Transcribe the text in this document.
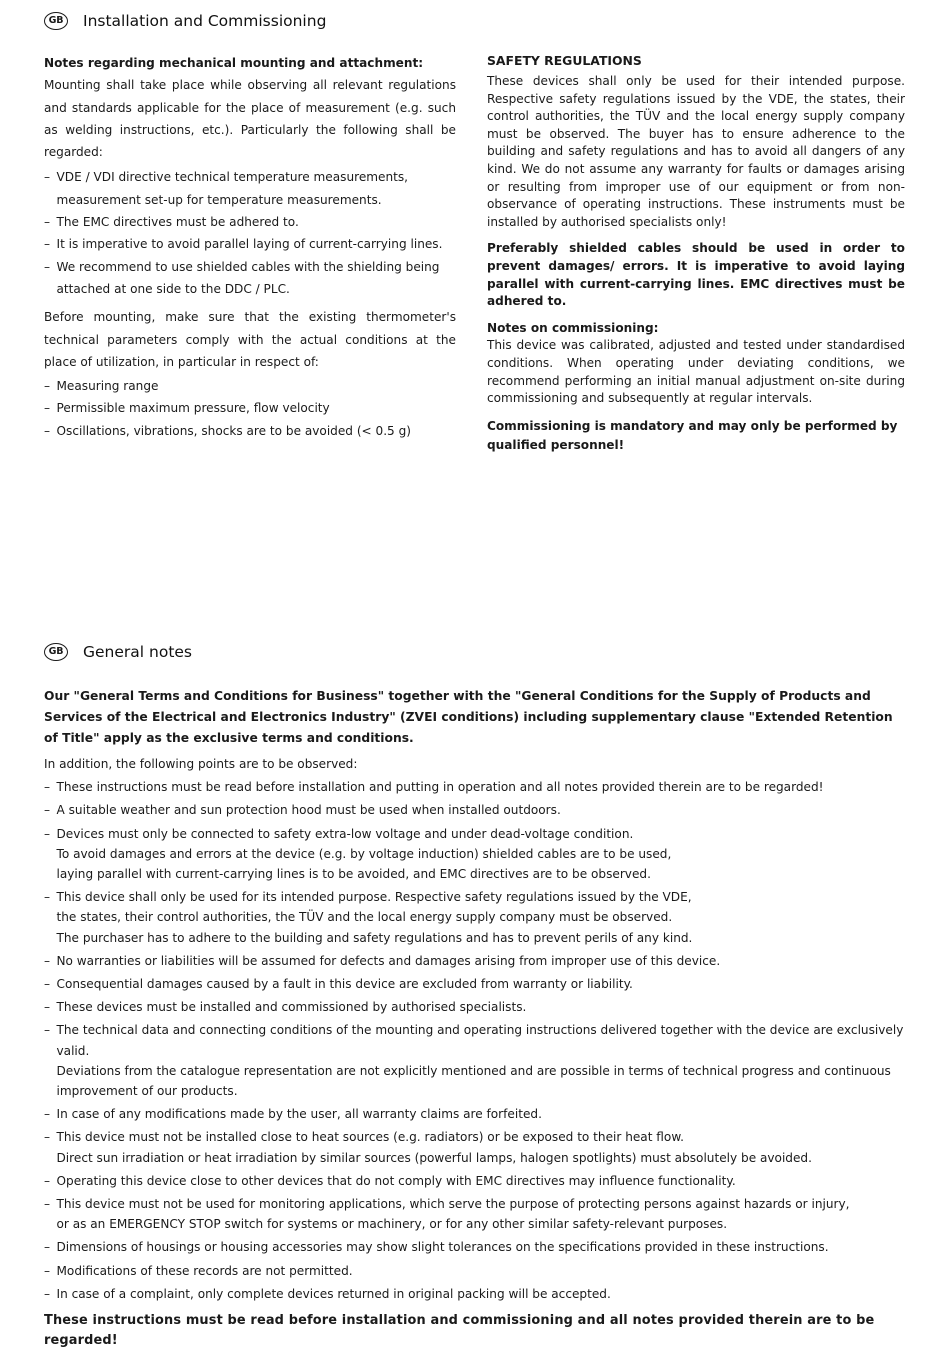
GB	Installation and Commissioning
Notes regarding mechanical mounting and attachment:
Mounting shall take place while observing all relevant regulations and standards applicable for the place of measurement (e.g. such as welding instructions, etc.). Particularly the following shall be regarded:
– VDE / VDI directive technical temperature measurements,
measurement set-up for temperature measurements.
– The EMC directives must be adhered to.
– It is imperative to avoid parallel laying of current-carrying lines.
– We recommend to use shielded cables with the shielding being
attached at one side to the DDC / PLC.
Before mounting, make sure that the existing thermometer's technical parameters comply with the actual conditions at the place of utilization, in particular in respect of:
– Measuring range
– Permissible maximum pressure, flow velocity
– Oscillations, vibrations, shocks are to be avoided (< 0.5 g)
SAFETY REGULATIONS
These devices shall only be used for their intended purpose. Respective safety regulations issued by the VDE, the states, their control authorities, the TÜV and the local energy supply company must be observed. The buyer has to ensure adherence to the building and safety regulations and has to avoid all dangers of any kind. We do not assume any warranty for faults or damages arising or resulting from improper use of our equipment or from non-observance of operating instructions. These instruments must be installed by authorised specialists only!
Preferably shielded cables should be used in order to prevent damages/ errors. It is imperative to avoid laying parallel with current-carrying lines. EMC directives must be adhered to.
Notes on commissioning:
This device was calibrated, adjusted and tested under standardised conditions. When operating under deviating conditions, we recommend performing an initial manual adjustment on-site during commissioning and subsequently at regular intervals.
Commissioning is mandatory and may only be performed by qualified personnel!
GB	General notes
Our "General Terms and Conditions for Business" together with the "General Conditions for the Supply of Products and Services of the Electrical and Electronics Industry" (ZVEI conditions) including supplementary clause "Extended Retention of Title" apply as the exclusive terms and conditions.
In addition, the following points are to be observed:
– These instructions must be read before installation and putting in operation and all notes provided therein are to be regarded!
– A suitable weather and sun protection hood must be used when installed outdoors.
– Devices must only be connected to safety extra-low voltage and under dead-voltage condition.
To avoid damages and errors at the device (e.g. by voltage induction) shielded cables are to be used,
laying parallel with current-carrying lines is to be avoided, and EMC directives are to be observed.
– This device shall only be used for its intended purpose. Respective safety regulations issued by the VDE,
the states, their control authorities, the TÜV and the local energy supply company must be observed.
The purchaser has to adhere to the building and safety regulations and has to prevent perils of any kind.
– No warranties or liabilities will be assumed for defects and damages arising from improper use of this device.
– Consequential damages caused by a fault in this device are excluded from warranty or liability.
– These devices must be installed and commissioned by authorised specialists.
– The technical data and connecting conditions of the mounting and operating instructions delivered together with the device are exclusively valid.
Deviations from the catalogue representation are not explicitly mentioned and are possible in terms of technical progress and continuous
improvement of our products.
– In case of any modifications made by the user, all warranty claims are forfeited.
– This device must not be installed close to heat sources (e.g. radiators) or be exposed to their heat flow.
Direct sun irradiation or heat irradiation by similar sources (powerful lamps, halogen spotlights) must absolutely be avoided.
– Operating this device close to other devices that do not comply with EMC directives may influence functionality.
– This device must not be used for monitoring applications, which serve the purpose of protecting persons against hazards or injury,
or as an EMERGENCY STOP switch for systems or machinery, or for any other similar safety-relevant purposes.
– Dimensions of housings or housing accessories may show slight tolerances on the specifications provided in these instructions.
– Modifications of these records are not permitted.
– In case of a complaint, only complete devices returned in original packing will be accepted.
These instructions must be read before installation and commissioning and all notes provided therein are to be regarded!
